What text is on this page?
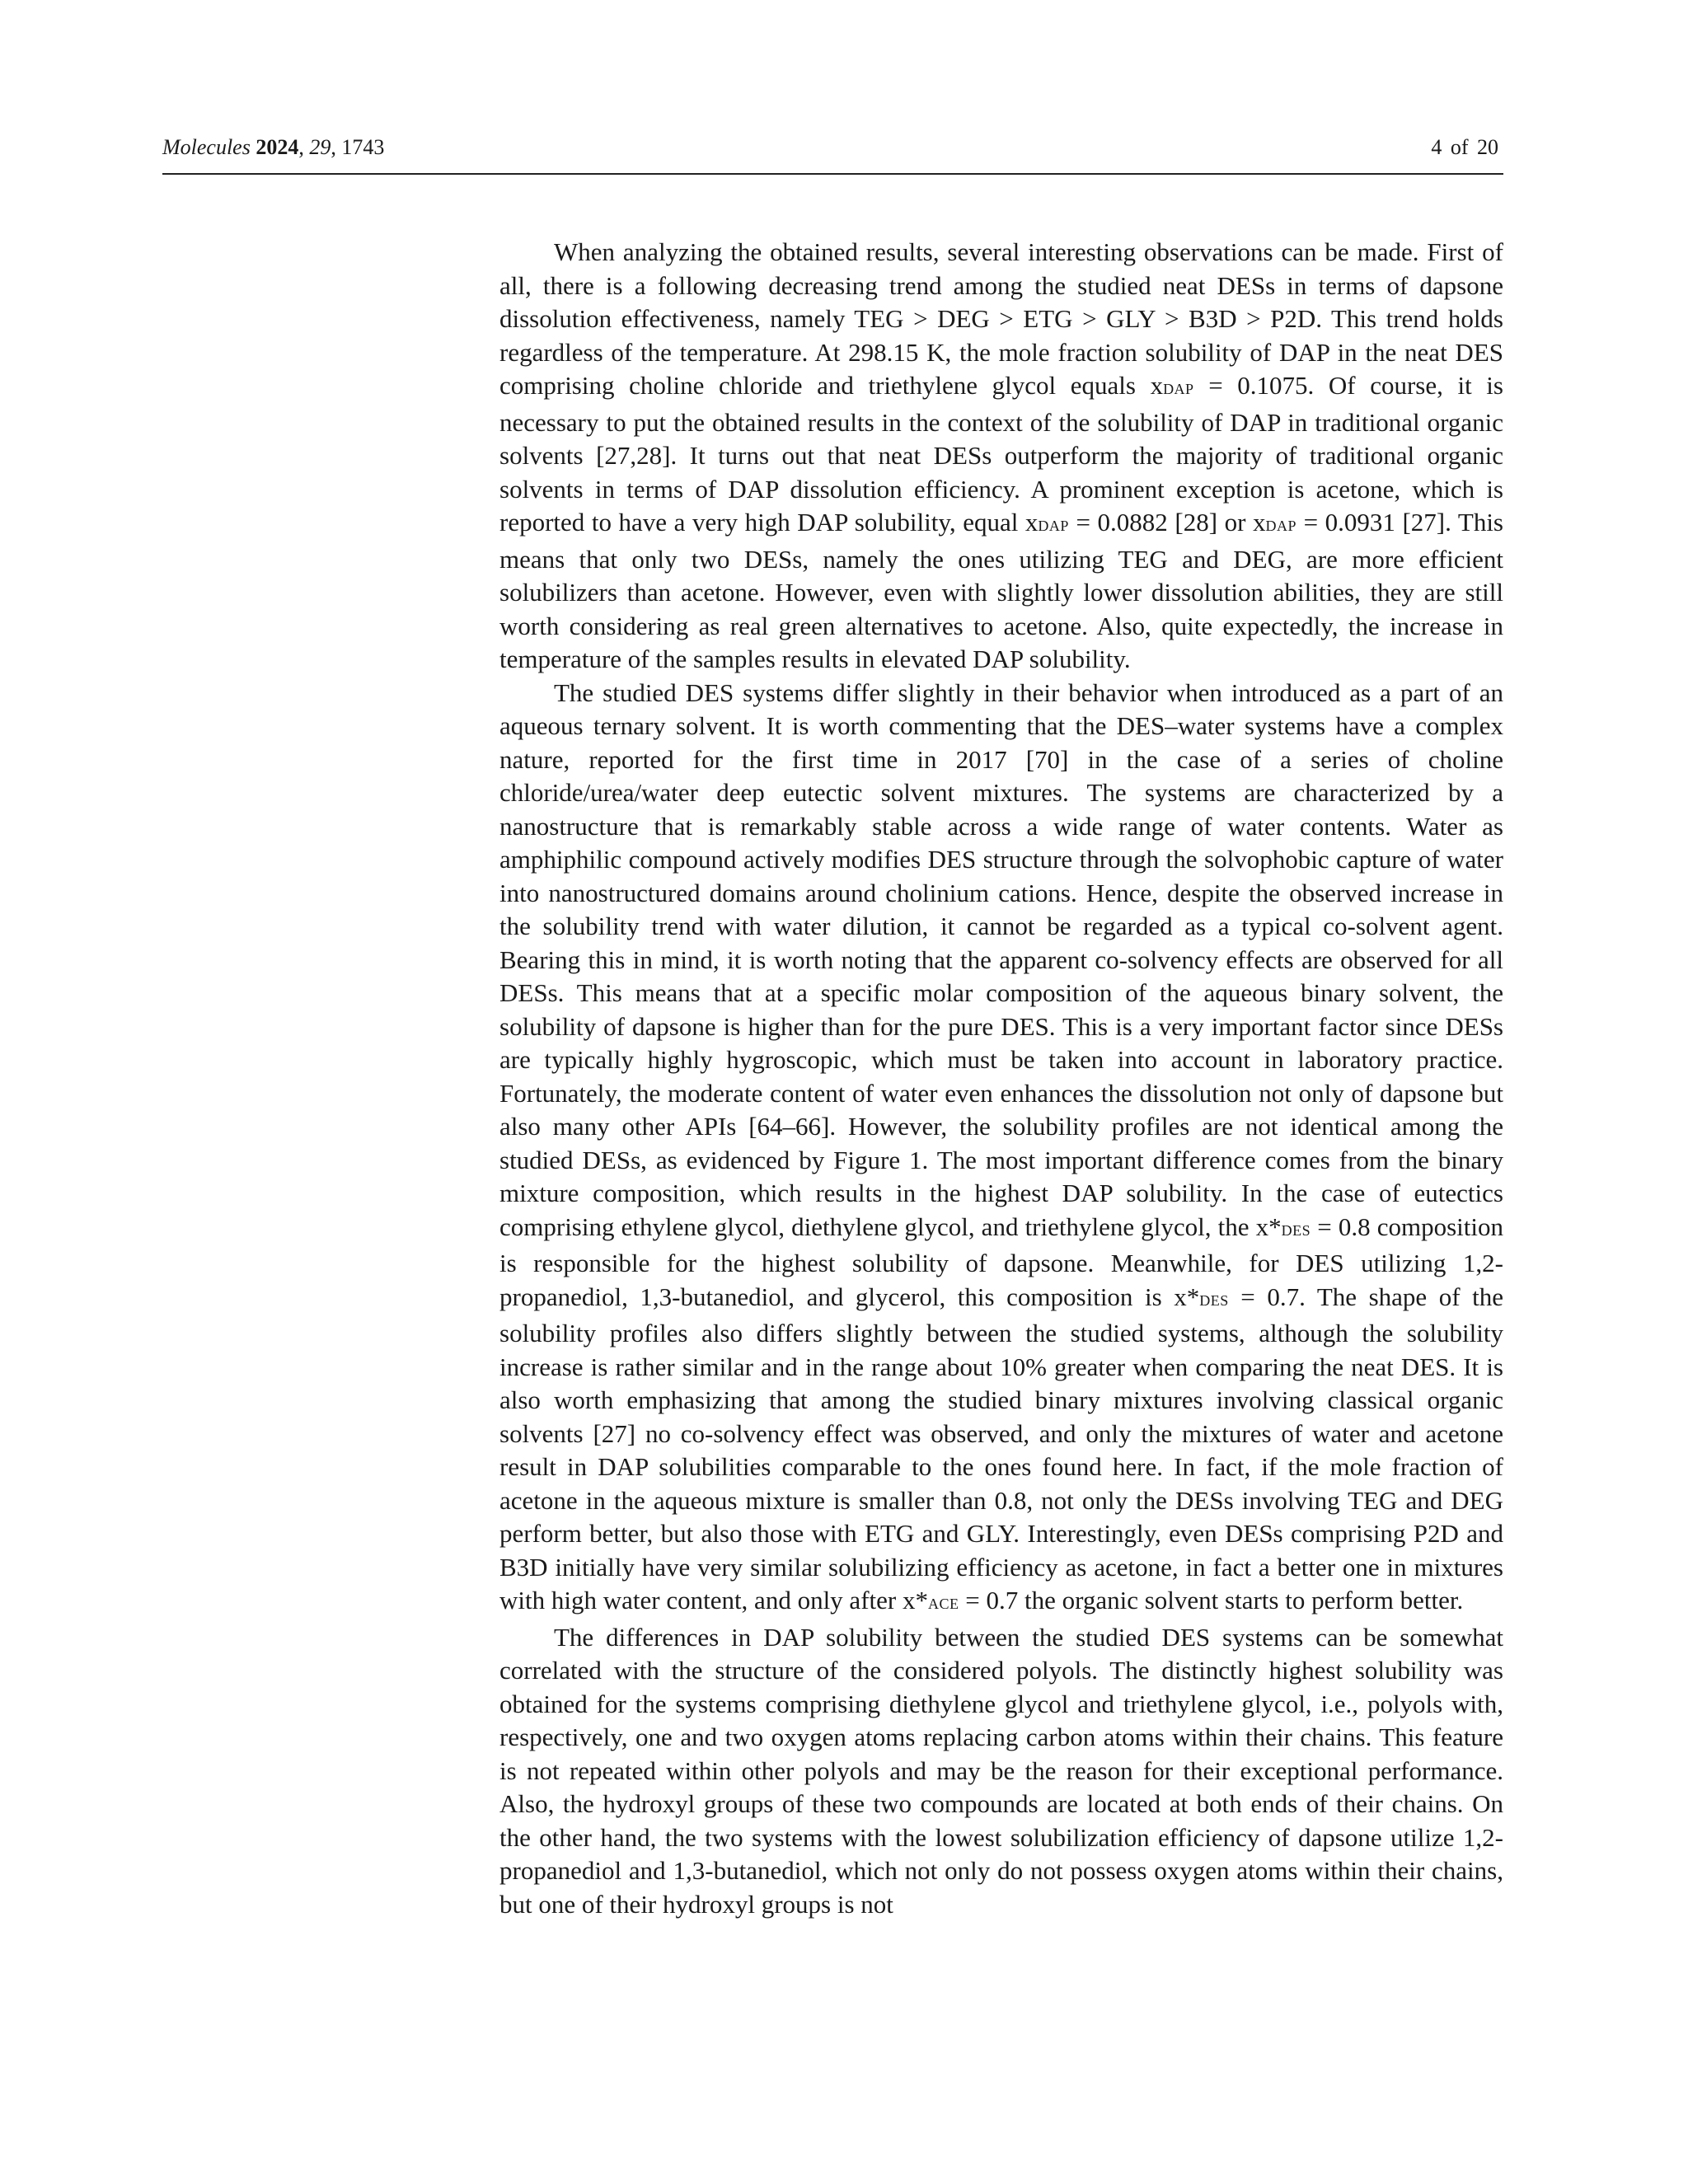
Molecules 2024, 29, 1743	4 of 20

When analyzing the obtained results, several interesting observations can be made. First of all, there is a following decreasing trend among the studied neat DESs in terms of dapsone dissolution effectiveness, namely TEG > DEG > ETG > GLY > B3D > P2D. This trend holds regardless of the temperature. At 298.15 K, the mole fraction solubility of DAP in the neat DES comprising choline chloride and triethylene glycol equals xDAP = 0.1075. Of course, it is necessary to put the obtained results in the context of the solubility of DAP in traditional organic solvents [27,28]. It turns out that neat DESs outperform the majority of traditional organic solvents in terms of DAP dissolution efficiency. A prominent exception is acetone, which is reported to have a very high DAP solubility, equal xDAP = 0.0882 [28] or xDAP = 0.0931 [27]. This means that only two DESs, namely the ones utilizing TEG and DEG, are more efficient solubilizers than acetone. However, even with slightly lower dissolution abilities, they are still worth considering as real green alternatives to acetone. Also, quite expectedly, the increase in temperature of the samples results in elevated DAP solubility.

The studied DES systems differ slightly in their behavior when introduced as a part of an aqueous ternary solvent. It is worth commenting that the DES–water systems have a complex nature, reported for the first time in 2017 [70] in the case of a series of choline chloride/urea/water deep eutectic solvent mixtures. The systems are characterized by a nanostructure that is remarkably stable across a wide range of water contents. Water as amphiphilic compound actively modifies DES structure through the solvophobic capture of water into nanostructured domains around cholinium cations. Hence, despite the observed increase in the solubility trend with water dilution, it cannot be regarded as a typical co-solvent agent. Bearing this in mind, it is worth noting that the apparent co-solvency effects are observed for all DESs. This means that at a specific molar composition of the aqueous binary solvent, the solubility of dapsone is higher than for the pure DES. This is a very important factor since DESs are typically highly hygroscopic, which must be taken into account in laboratory practice. Fortunately, the moderate content of water even enhances the dissolution not only of dapsone but also many other APIs [64–66]. However, the solubility profiles are not identical among the studied DESs, as evidenced by Figure 1. The most important difference comes from the binary mixture composition, which results in the highest DAP solubility. In the case of eutectics comprising ethylene glycol, diethylene glycol, and triethylene glycol, the x*DES = 0.8 composition is responsible for the highest solubility of dapsone. Meanwhile, for DES utilizing 1,2-propanediol, 1,3-butanediol, and glycerol, this composition is x*DES = 0.7. The shape of the solubility profiles also differs slightly between the studied systems, although the solubility increase is rather similar and in the range about 10% greater when comparing the neat DES. It is also worth emphasizing that among the studied binary mixtures involving classical organic solvents [27] no co-solvency effect was observed, and only the mixtures of water and acetone result in DAP solubilities comparable to the ones found here. In fact, if the mole fraction of acetone in the aqueous mixture is smaller than 0.8, not only the DESs involving TEG and DEG perform better, but also those with ETG and GLY. Interestingly, even DESs comprising P2D and B3D initially have very similar solubilizing efficiency as acetone, in fact a better one in mixtures with high water content, and only after x*ACE = 0.7 the organic solvent starts to perform better.

The differences in DAP solubility between the studied DES systems can be somewhat correlated with the structure of the considered polyols. The distinctly highest solubility was obtained for the systems comprising diethylene glycol and triethylene glycol, i.e., polyols with, respectively, one and two oxygen atoms replacing carbon atoms within their chains. This feature is not repeated within other polyols and may be the reason for their exceptional performance. Also, the hydroxyl groups of these two compounds are located at both ends of their chains. On the other hand, the two systems with the lowest solubilization efficiency of dapsone utilize 1,2-propanediol and 1,3-butanediol, which not only do not possess oxygen atoms within their chains, but one of their hydroxyl groups is not
